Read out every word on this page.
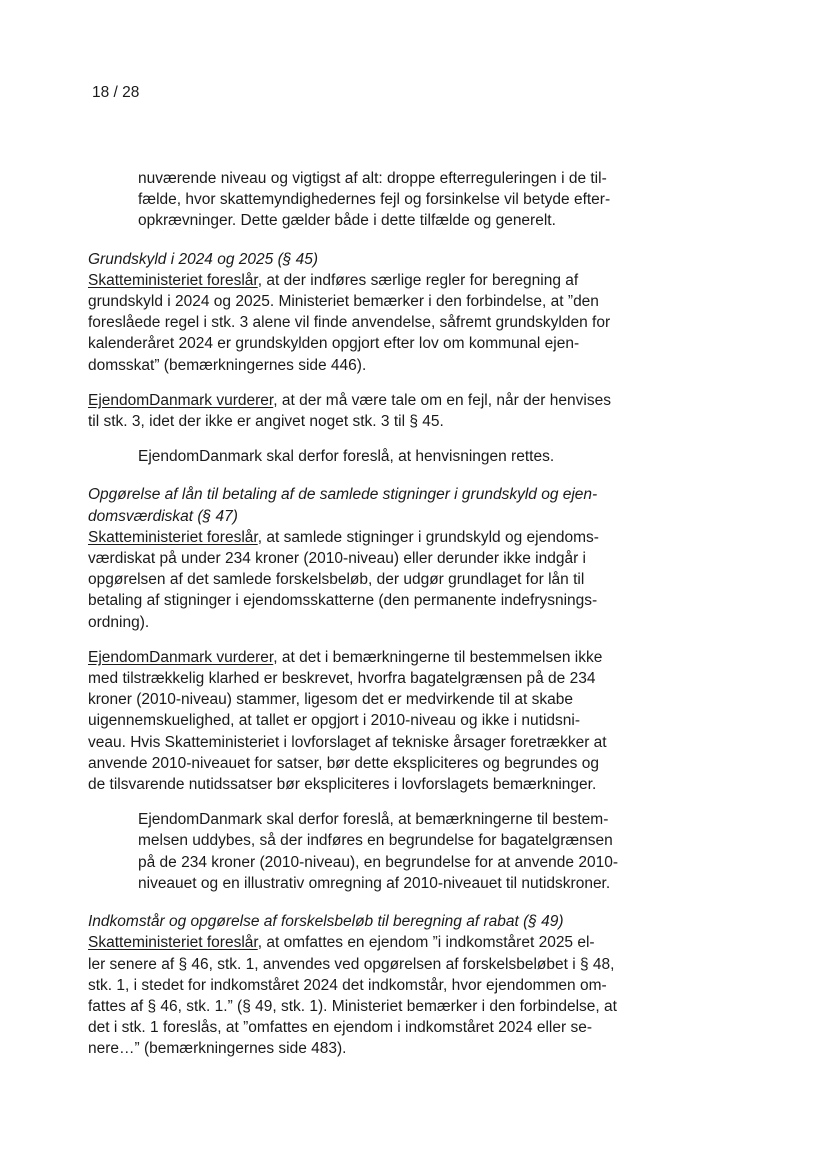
18 / 28
nuværende niveau og vigtigst af alt: droppe efterreguleringen i de til-
fælde, hvor skattemyndighedernes fejl og forsinkelse vil betyde efter-
opkrævninger. Dette gælder både i dette tilfælde og generelt.
Grundskyld i 2024 og 2025 (§ 45)
Skatteministeriet foreslår, at der indføres særlige regler for beregning af
grundskyld i 2024 og 2025. Ministeriet bemærker i den forbindelse, at ”den
foreslåede regel i stk. 3 alene vil finde anvendelse, såfremt grundskylden for
kalenderåret 2024 er grundskylden opgjort efter lov om kommunal ejen-
domsskat” (bemærkningernes side 446).
EjendomDanmark vurderer, at der må være tale om en fejl, når der henvises
til stk. 3, idet der ikke er angivet noget stk. 3 til § 45.
EjendomDanmark skal derfor foreslå, at henvisningen rettes.
Opgørelse af lån til betaling af de samlede stigninger i grundskyld og ejen-
domsværdiskat (§ 47)
Skatteministeriet foreslår, at samlede stigninger i grundskyld og ejendoms-
værdiskat på under 234 kroner (2010-niveau) eller derunder ikke indgår i
opgørelsen af det samlede forskelsbeløb, der udgør grundlaget for lån til
betaling af stigninger i ejendomsskatterne (den permanente indefrysnings-
ordning).
EjendomDanmark vurderer, at det i bemærkningerne til bestemmelsen ikke
med tilstrækkelig klarhed er beskrevet, hvorfra bagatelgrænsen på de 234
kroner (2010-niveau) stammer, ligesom det er medvirkende til at skabe
uigennemskuelighed, at tallet er opgjort i 2010-niveau og ikke i nutidsni-
veau. Hvis Skatteministeriet i lovforslaget af tekniske årsager foretrækker at
anvende 2010-niveauet for satser, bør dette ekspliciteres og begrundes og
de tilsvarende nutidssatser bør ekspliciteres i lovforslagets bemærkninger.
EjendomDanmark skal derfor foreslå, at bemærkningerne til bestem-
melsen uddybes, så der indføres en begrundelse for bagatelgrænsen
på de 234 kroner (2010-niveau), en begrundelse for at anvende 2010-
niveauet og en illustrativ omregning af 2010-niveauet til nutidskroner.
Indkomstår og opgørelse af forskelsbeløb til beregning af rabat (§ 49)
Skatteministeriet foreslår, at omfattes en ejendom ”i indkomståret 2025 el-
ler senere af § 46, stk. 1, anvendes ved opgørelsen af forskelsbeløbet i § 48,
stk. 1, i stedet for indkomståret 2024 det indkomstår, hvor ejendommen om-
fattes af § 46, stk. 1.” (§ 49, stk. 1). Ministeriet bemærker i den forbindelse, at
det i stk. 1 foreslås, at ”omfattes en ejendom i indkomståret 2024 eller se-
nere…” (bemærkningernes side 483).
